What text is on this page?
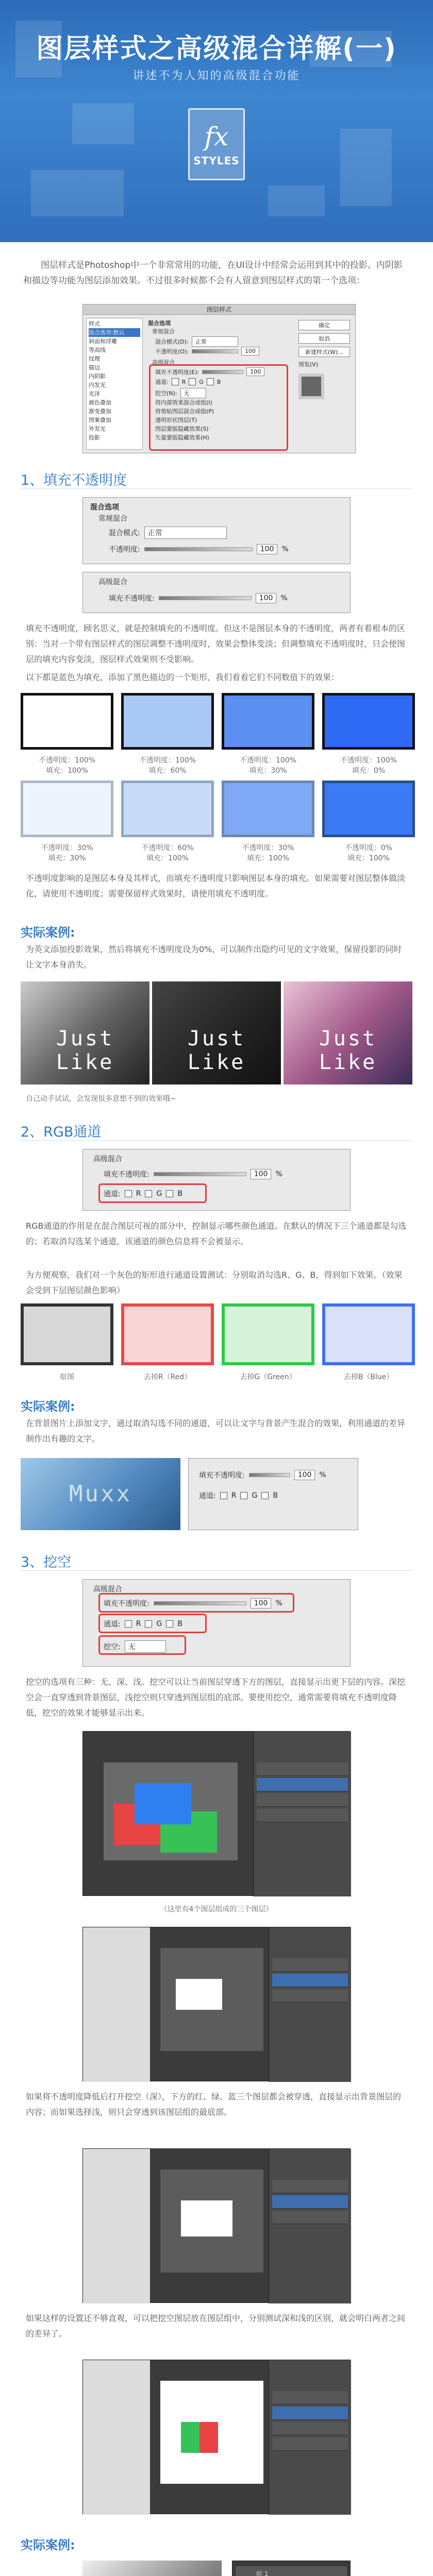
图层样式之高级混合详解(一)
讲述不为人知的高级混合功能
fx
STYLES

图层样式是Photoshop中一个非常常用的功能，在UI设计中经常会运用到其中的投影、内阴影和描边等功能为图层添加效果。不过很多时候都不会有人留意到图层样式的第一个选项：

图层样式
样式
混合选项:默认
斜面和浮雕
等高线
纹理
描边
内阴影
内发光
光泽
颜色叠加
渐变叠加
图案叠加
外发光
投影
混合选项
常规混合
混合模式(D):	正常
不透明度(O):	100
高级混合
填充不透明度(E):	100
通道: R G B
挖空(N):	无
将内部效果混合成组(I)
将剪贴图层混合成组(P)
透明形状图层(T)
图层蒙版隐藏效果(S)
矢量蒙版隐藏效果(H)
确定
取消
新建样式(W)...
预览(V)
1、填充不透明度
混合选项
常规混合
混合模式:	正常
不透明度:	100	%
高级混合
填充不透明度:	100	%

填充不透明度，顾名思义，就是控制填充的不透明度。但这不是图层本身的不透明度，两者有着根本的区别：当对一个带有图层样式的图层调整不透明度时，效果会整体变淡；但调整填充不透明度时，只会使图层的填充内容变淡，图层样式效果则不受影响。

以下都是蓝色为填充，添加了黑色描边的一个矩形，我们看看它们不同数值下的效果：

不透明度：100%
填充：100%
不透明度：100%
填充：60%
不透明度：100%
填充：30%
不透明度：100%
填充：0%
不透明度：30%
填充：30%
不透明度：60%
填充：100%
不透明度：30%
填充：100%
不透明度：0%
填充：100%

不透明度影响的是图层本身及其样式，而填充不透明度只影响图层本身的填充。如果需要对图层整体做淡化，请使用不透明度；需要保留样式效果时，请使用填充不透明度。

实际案例:

为英文添加投影效果，然后将填充不透明度设为0%，可以制作出隐约可见的文字效果，保留投影的同时让文字本身消失。

Just Like
Just Like
Just Like
自己动手试试，会发现很多意想不到的效果哦~
2、RGB通道
高级混合
填充不透明度:	100	%
通道: R G B

RGB通道的作用是在混合图层可视的部分中，控制显示哪些颜色通道。在默认的情况下三个通道都是勾选的；若取消勾选某个通道，该通道的颜色信息将不会被显示。

为方便观察，我们对一个灰色的矩形进行通道设置测试：分别取消勾选R、G、B，得到如下效果。（效果会受到下层图层颜色影响）

原图	去掉R（Red）	去掉G（Green）	去掉B（Blue）
实际案例:

在背景图片上添加文字，通过取消勾选不同的通道，可以让文字与背景产生混合的效果，利用通道的差异制作出有趣的文字。

Muxx
填充不透明度:	100	%
通道: R G B
3、挖空
高级混合
填充不透明度:	100	%
通道: R G B
挖空:	无

挖空的选项有三种：无、深、浅。挖空可以让当前图层穿透下方的图层，直接显示出更下层的内容。深挖空会一直穿透到背景图层，浅挖空则只穿透到图层组的底部。要使用挖空，通常需要将填充不透明度降低，挖空的效果才能够显示出来。

（这里有4个图层组成的三个图层）

如果将不透明度降低后打开挖空（深），下方的红、绿、蓝三个图层都会被穿透，直接显示出背景图层的内容；而如果选择浅，则只会穿透到该图层组的最底部。

如果这样的设置还不够直观，可以把挖空图层放在图层组中，分别测试深和浅的区别，就会明白两者之间的差异了。

实际案例:
组 1
